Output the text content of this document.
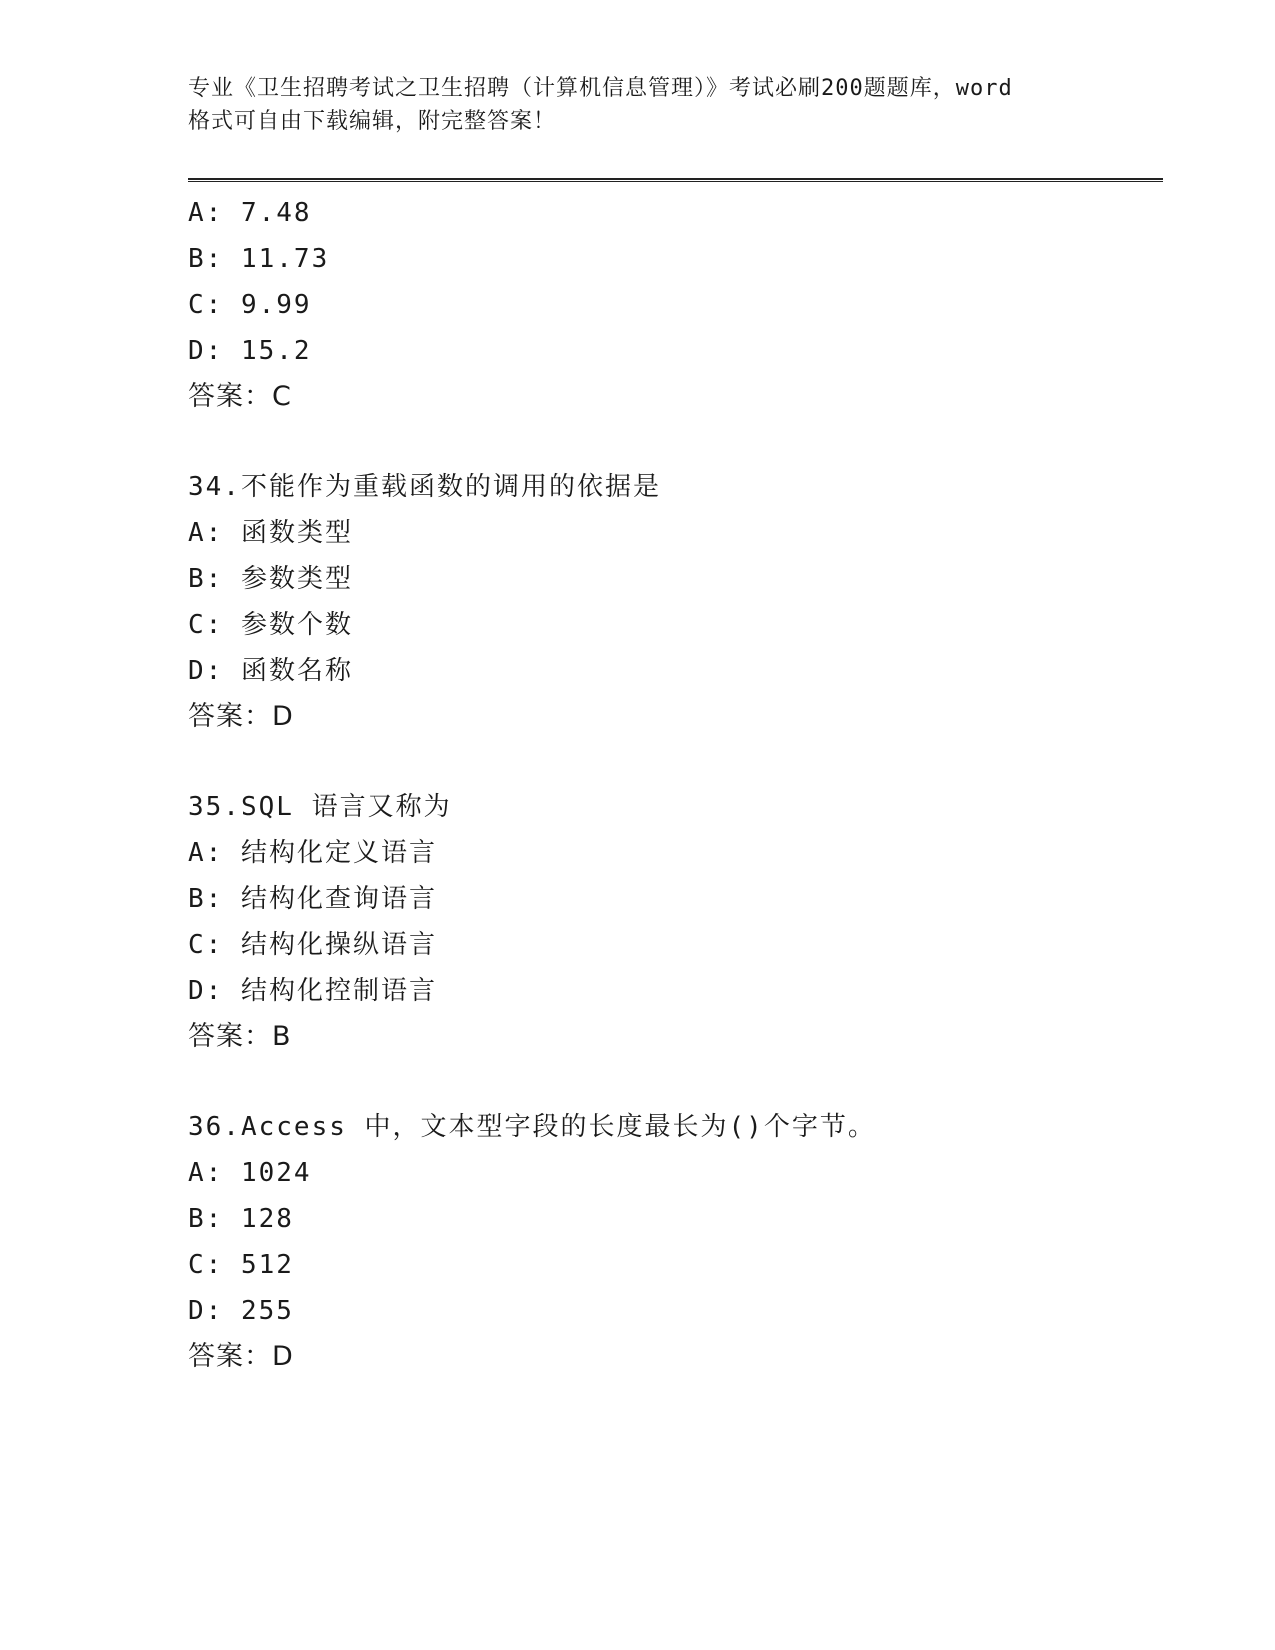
专业《卫生招聘考试之卫生招聘（计算机信息管理）》考试必刷200题题库，word
格式可自由下载编辑，附完整答案！
A: 7.48
B: 11.73
C: 9.99
D: 15.2
答案：C
34.不能作为重载函数的调用的依据是
A: 函数类型
B: 参数类型
C: 参数个数
D: 函数名称
答案：D
35.SQL 语言又称为
A: 结构化定义语言
B: 结构化查询语言
C: 结构化操纵语言
D: 结构化控制语言
答案：B
36.Access 中，文本型字段的长度最长为()个字节。
A: 1024
B: 128
C: 512
D: 255
答案：D
